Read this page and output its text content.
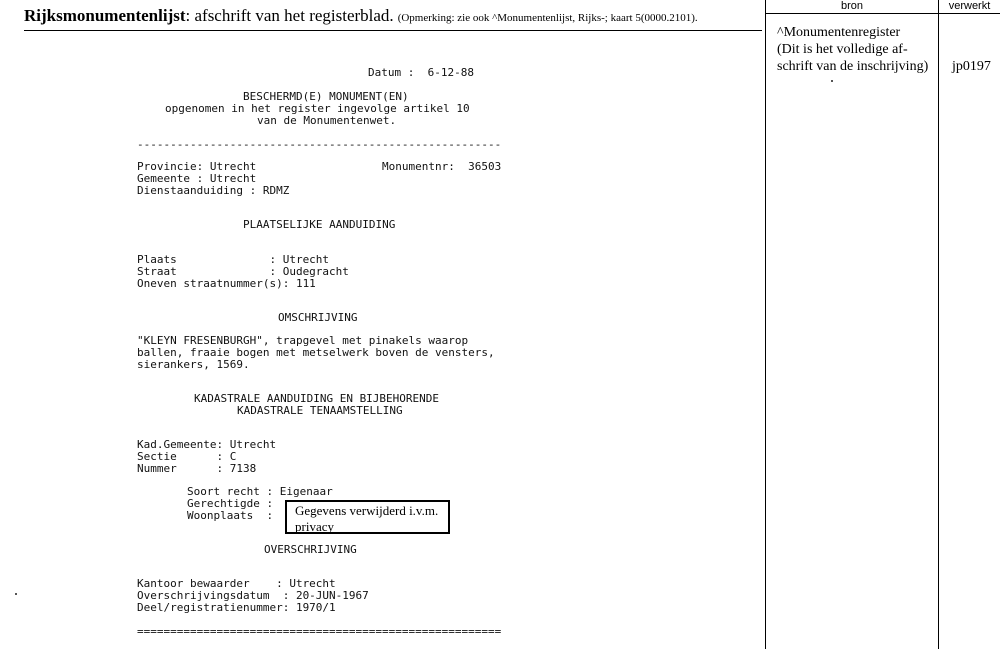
Rijksmonumentenlijst: afschrift van het registerblad. (Opmerking: zie ook ^Monumentenlijst, Rijks-; kaart 5(0000.2101).
bron	verwerkt
^Monumentenregister
(Dit is het volledige af-
schrift van de inschrijving)	jp0197
Datum :  6-12-88
BESCHERMD(E) MONUMENT(EN)
opgenomen in het register ingevolge artikel 10
van de Monumentenwet.
-------------------------------------------------------
Provincie: Utrecht	Monumentnr:  36503
Gemeente : Utrecht
Dienstaanduiding : RDMZ
PLAATSELIJKE AANDUIDING
Plaats              : Utrecht
Straat              : Oudegracht
Oneven straatnummer(s): 111
OMSCHRIJVING
"KLEYN FRESENBURGH", trapgevel met pinakels waarop
ballen, fraaie bogen met metselwerk boven de vensters,
sierankers, 1569.
KADASTRALE AANDUIDING EN BIJBEHORENDE
KADASTRALE TENAAMSTELLING
Kad.Gemeente: Utrecht
Sectie      : C
Nummer      : 7138
Soort recht : Eigenaar
Gerechtigde :
Woonplaats  :	Gegevens verwijderd i.v.m. privacy
OVERSCHRIJVING
Kantoor bewaarder    : Utrecht
Overschrijvingsdatum  : 20-JUN-1967
Deel/registratienummer: 1970/1
=======================================================
